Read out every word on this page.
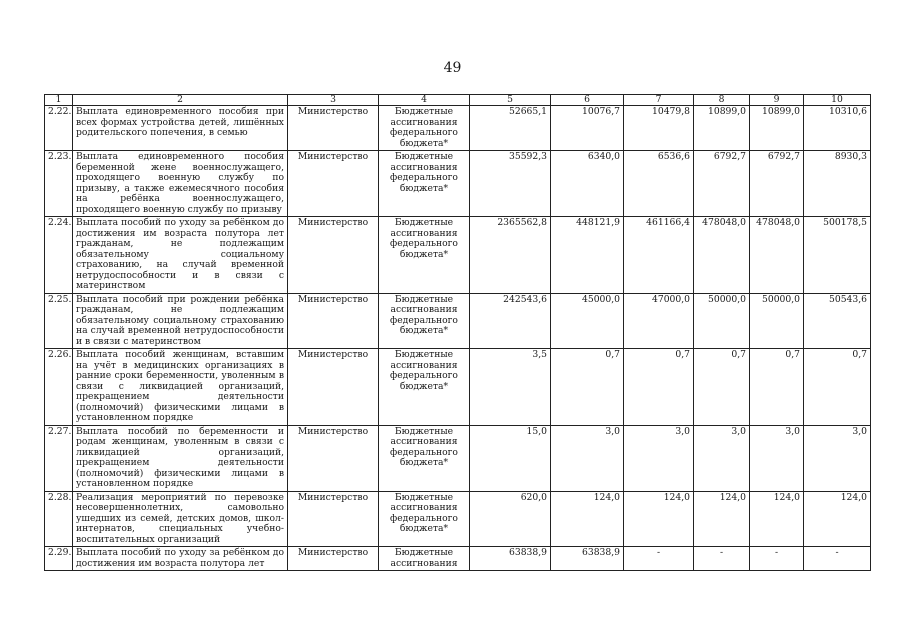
49
1	2	3	4	5	6	7	8	9	10
2.22.	Выплата единовременного пособия при всех формах устройства детей, лишённых родительского попечения, в семью	Министерство	Бюджетные ассигнования федерального бюджета*	52665,1	10076,7	10479,8	10899,0	10899,0	10310,6
2.23.	Выплата единовременного пособия беременной жене военнослужащего, проходящего военную службу по призыву, а также ежемесячного пособия на ребёнка военнослужащего, проходящего военную службу по призыву	Министерство	Бюджетные ассигнования федерального бюджета*	35592,3	6340,0	6536,6	6792,7	6792,7	8930,3
2.24.	Выплата пособий по уходу за ребёнком до достижения им возраста полутора лет гражданам, не подлежащим обязательному социальному страхованию, на случай временной нетрудоспособности и в связи с материнством	Министерство	Бюджетные ассигнования федерального бюджета*	2365562,8	448121,9	461166,4	478048,0	478048,0	500178,5
2.25.	Выплата пособий при рождении ребёнка гражданам, не подлежащим обязательному социальному страхованию на случай временной нетрудоспособности и в связи с материнством	Министерство	Бюджетные ассигнования федерального бюджета*	242543,6	45000,0	47000,0	50000,0	50000,0	50543,6
2.26.	Выплата пособий женщинам, вставшим на учёт в медицинских организациях в ранние сроки беременности, уволенным в связи с ликвидацией организаций, прекращением деятельности (полномочий) физическими лицами в установленном порядке	Министерство	Бюджетные ассигнования федерального бюджета*	3,5	0,7	0,7	0,7	0,7	0,7
2.27.	Выплата пособий по беременности и родам женщинам, уволенным в связи с ликвидацией организаций, прекращением деятельности (полномочий) физическими лицами в установленном порядке	Министерство	Бюджетные ассигнования федерального бюджета*	15,0	3,0	3,0	3,0	3,0	3,0
2.28.	Реализация мероприятий по перевозке несовершеннолетних, самовольно ушедших из семей, детских домов, школ-интернатов, специальных учебно-воспитательных организаций	Министерство	Бюджетные ассигнования федерального бюджета*	620,0	124,0	124,0	124,0	124,0	124,0
2.29.	Выплата пособий по уходу за ребёнком до достижения им возраста полутора лет	Министерство	Бюджетные ассигнования	63838,9	63838,9	-	-	-	-
